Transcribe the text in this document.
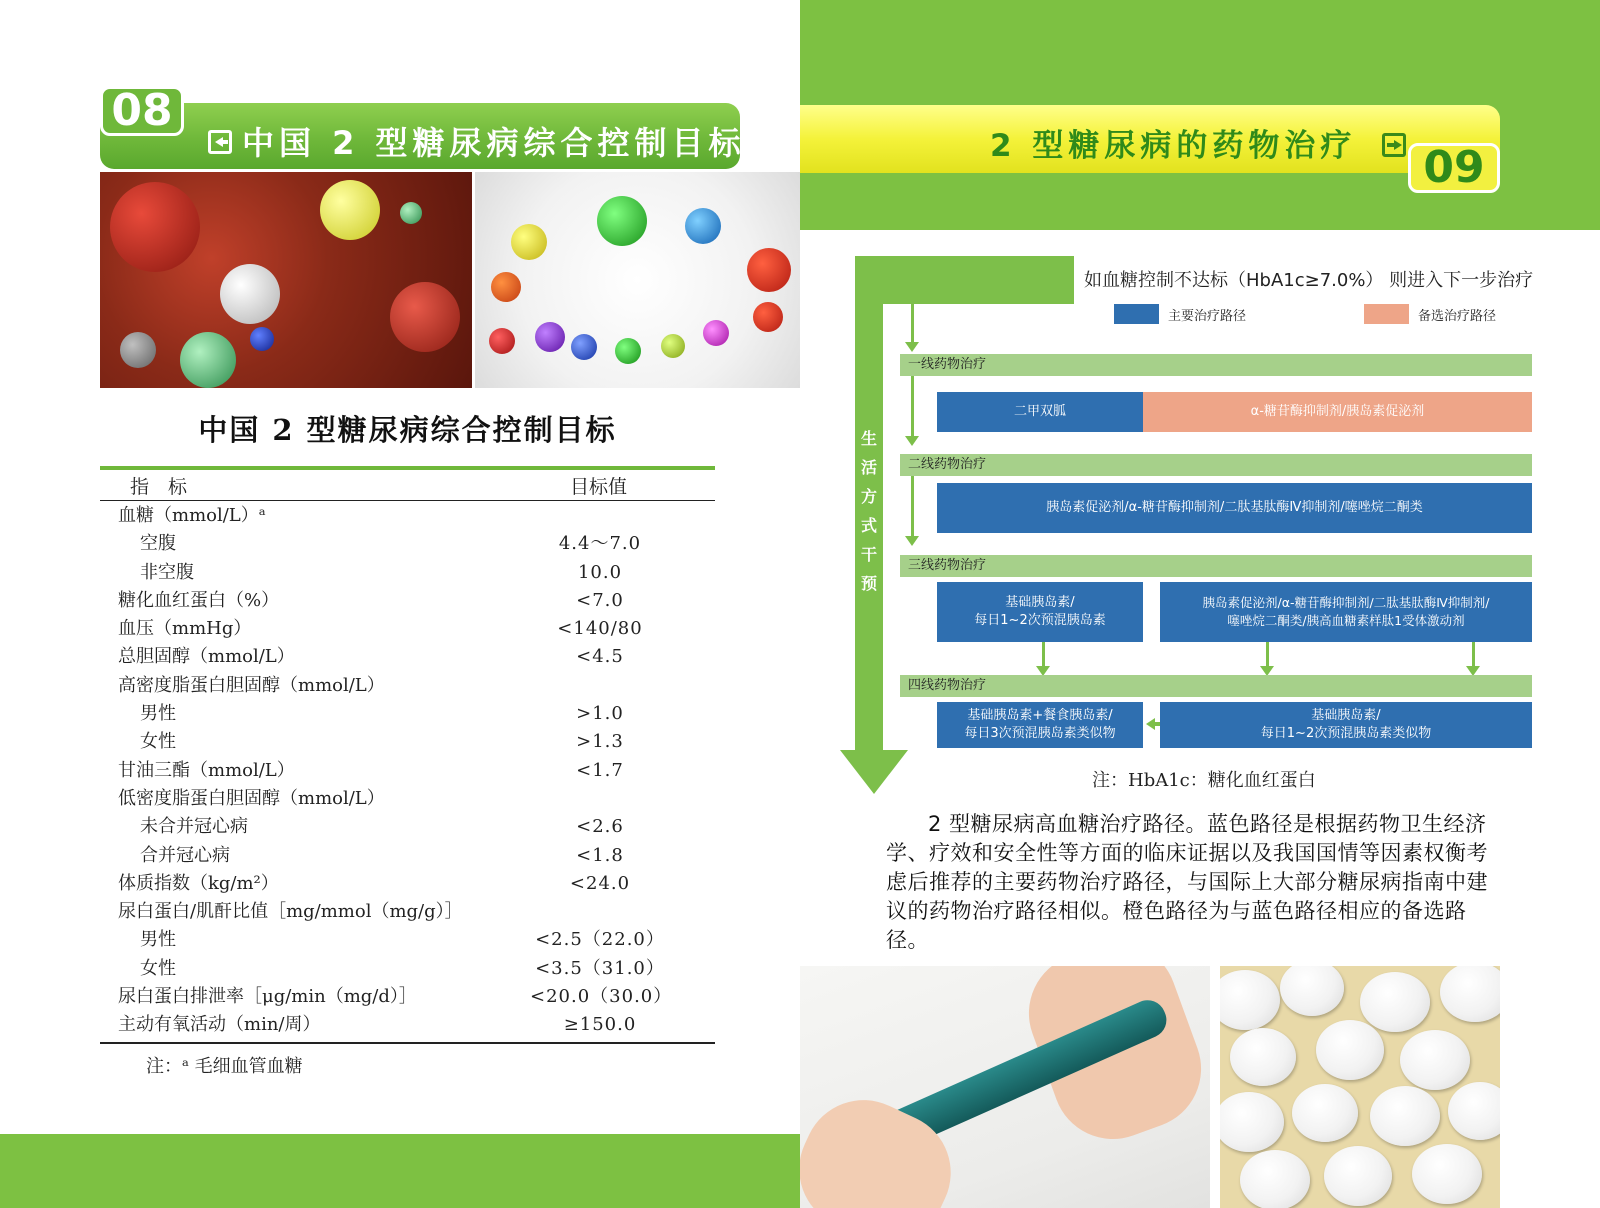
08
中国 2 型糖尿病综合控制目标
中国 2 型糖尿病综合控制目标
指　标	目标值
血糖（mmol/L）ᵃ
空腹	4.4～7.0
非空腹	10.0
糖化血红蛋白（%）	<7.0
血压（mmHg）	<140/80
总胆固醇（mmol/L）	<4.5
高密度脂蛋白胆固醇（mmol/L）
男性	>1.0
女性	>1.3
甘油三酯（mmol/L）	<1.7
低密度脂蛋白胆固醇（mmol/L）
未合并冠心病	<2.6
合并冠心病	<1.8
体质指数（kg/m²）	<24.0
尿白蛋白/肌酐比值［mg/mmol（mg/g）］
男性	<2.5（22.0）
女性	<3.5（31.0）
尿白蛋白排泄率［μg/min（mg/d）］	<20.0（30.0）
主动有氧活动（min/周）	≥150.0
注：ᵃ 毛细血管血糖
2 型糖尿病的药物治疗	09
生活方式干预
如血糖控制不达标（HbA1c≥7.0%） 则进入下一步治疗
主要治疗路径	备选治疗路径
一线药物治疗
二甲双胍	α-糖苷酶抑制剂/胰岛素促泌剂
二线药物治疗
胰岛素促泌剂/α-糖苷酶抑制剂/二肽基肽酶Ⅳ抑制剂/噻唑烷二酮类
三线药物治疗
基础胰岛素/
每日1~2次预混胰岛素
胰岛素促泌剂/α-糖苷酶抑制剂/二肽基肽酶Ⅳ抑制剂/
噻唑烷二酮类/胰高血糖素样肽1受体激动剂
四线药物治疗
基础胰岛素+餐食胰岛素/
每日3次预混胰岛素类似物
基础胰岛素/
每日1~2次预混胰岛素类似物
注：HbA1c：糖化血红蛋白
2 型糖尿病高血糖治疗路径。蓝色路径是根据药物卫生经济学、疗效和安全性等方面的临床证据以及我国国情等因素权衡考虑后推荐的主要药物治疗路径，与国际上大部分糖尿病指南中建议的药物治疗路径相似。橙色路径为与蓝色路径相应的备选路径。
